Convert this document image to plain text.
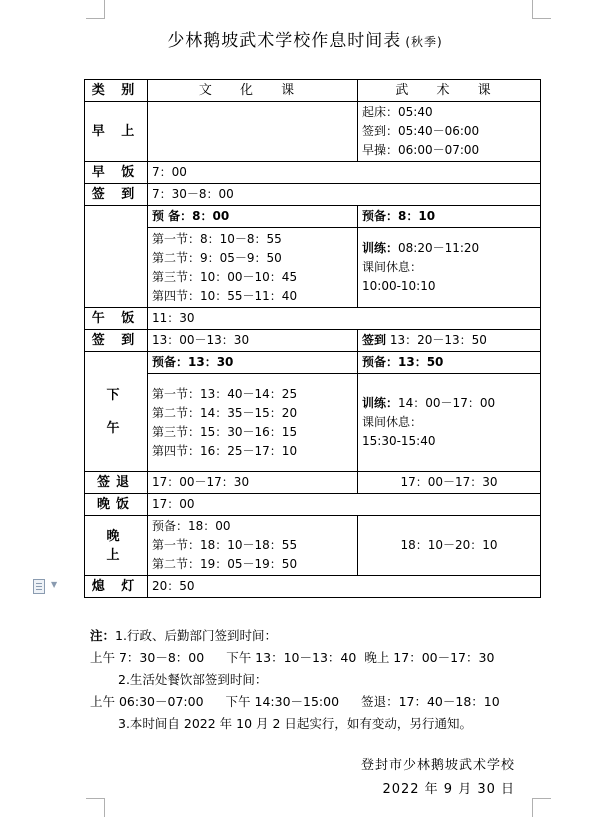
少林鹅坡武术学校作息时间表 (秋季)
类 别	文 化 课	武 术 课
早 上		起床：05:40
签到：05:40－06:00
早操：06:00－07:00

早 饭	7：00	
签 到	7：30－8：00	
	预 备：8：00	预备：8：10

	第一节：8：10－8：55
第二节：9：05－9：50
第三节：10：00－10：45
第四节：10：55－11：40	训练：08:20－11:20
课间休息：
10:00-10:10

午 饭	11：30	
签 到	13：00－13：30	签到 13：20－13：50

下
午	预备：13：30	预备：13：50

	第一节：13：40－14：25
第二节：14：35－15：20
第三节：15：30－16：15
第四节：16：25－17：10	训练：14：00－17：00
课间休息：
15:30-15:40

签退	17：00－17：30	17：00－17：30
晚饭	17：00	

晚
上	预备：18：00
第一节：18：10－18：55
第二节：19：05－19：50	18：10－20：10
熄 灯	20：50	
▼
注：1.行政、后勤部门签到时间：
上午 7：30－8：00 下午 13：10－13：40 晚上 17：00－17：30
2.生活处餐饮部签到时间：
上午 06:30－07:00 下午 14:30－15:00 签退：17：40－18：10
3.本时间自 2022 年 10 月 2 日起实行，如有变动，另行通知。
登封市少林鹅坡武术学校
2022 年 9 月 30 日
